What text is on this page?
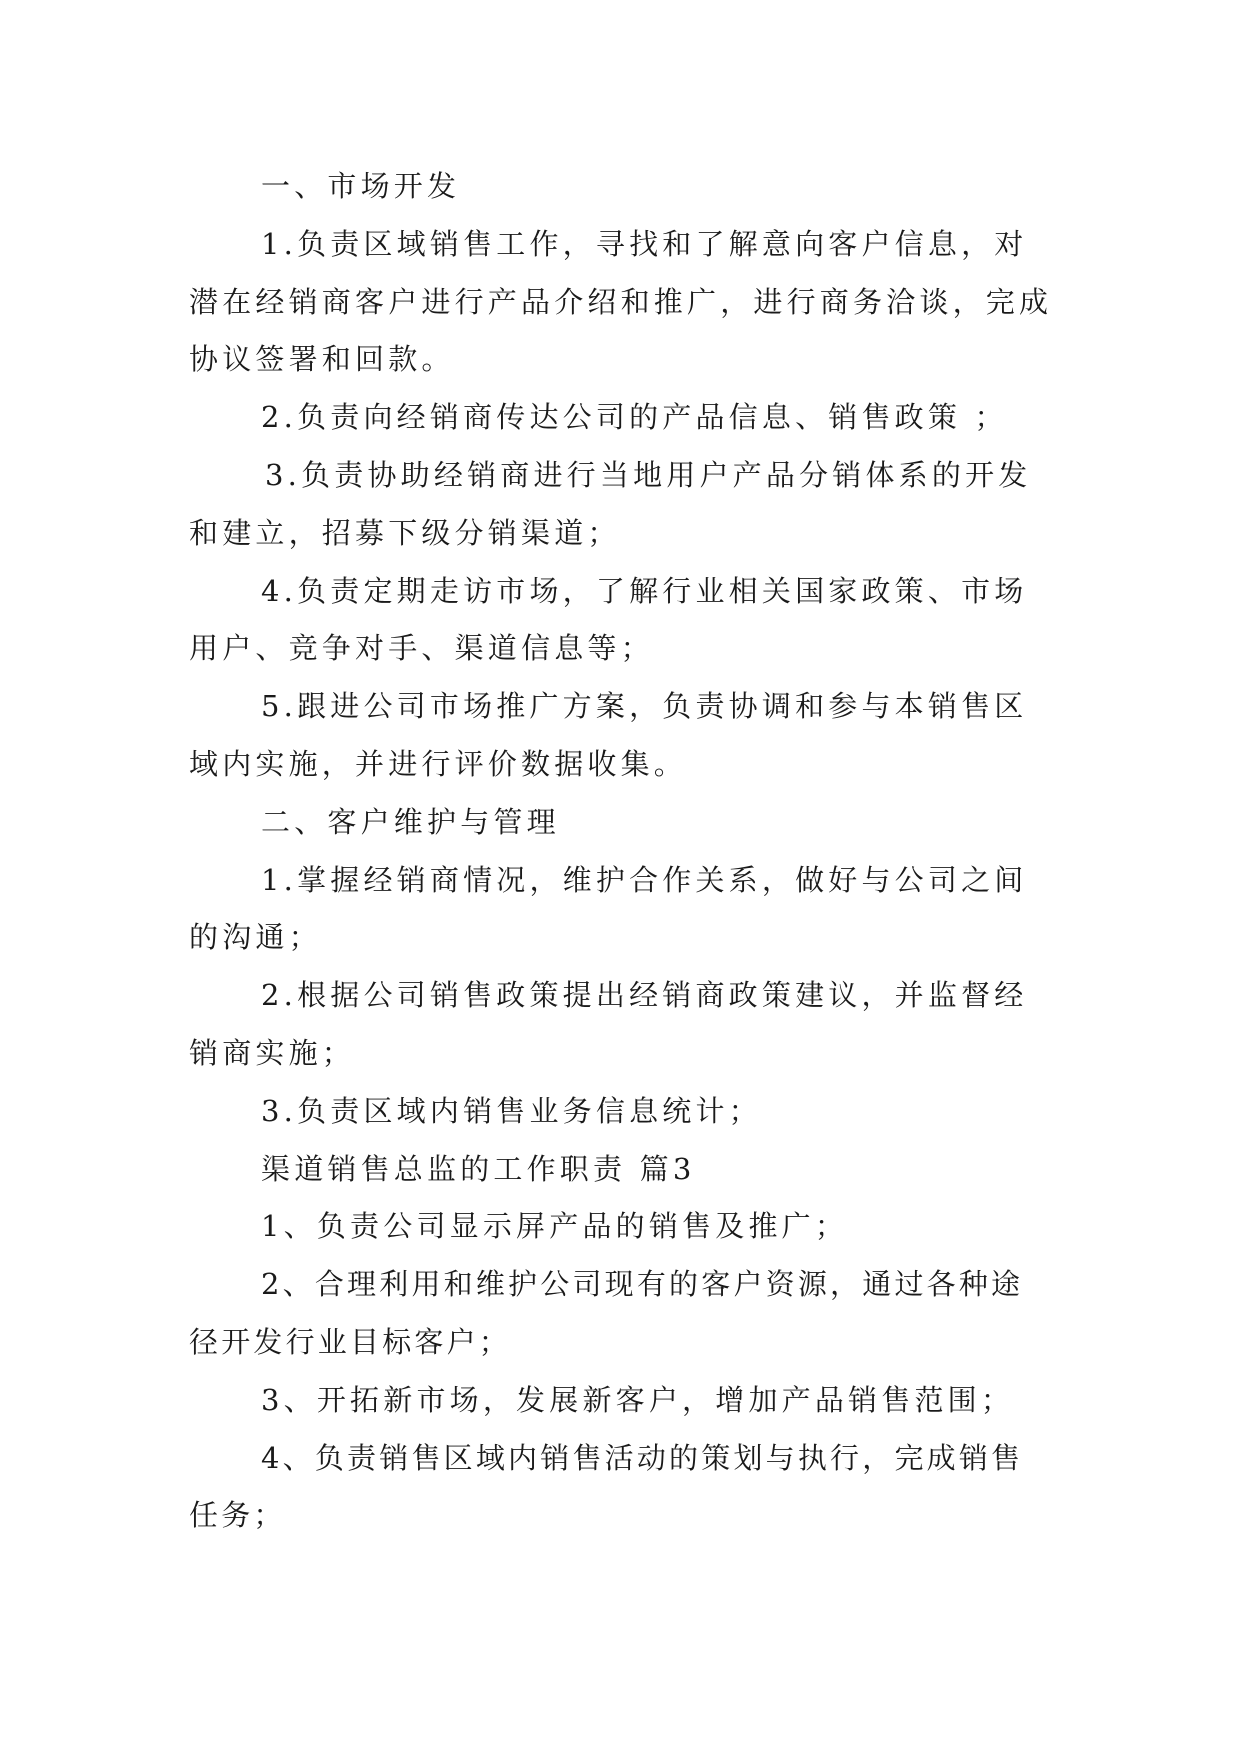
一、市场开发

1.负责区域销售工作，寻找和了解意向客户信息，对潜在经销商客户进行产品介绍和推广，进行商务洽谈，完成协议签署和回款。

2.负责向经销商传达公司的产品信息、销售政策 ；

3.负责协助经销商进行当地用户产品分销体系的开发和建立，招募下级分销渠道；

4.负责定期走访市场，了解行业相关国家政策、市场用户、竞争对手、渠道信息等；

5.跟进公司市场推广方案，负责协调和参与本销售区域内实施，并进行评价数据收集。

二、客户维护与管理

1.掌握经销商情况，维护合作关系，做好与公司之间的沟通；

2.根据公司销售政策提出经销商政策建议，并监督经销商实施；

3.负责区域内销售业务信息统计；

渠道销售总监的工作职责 篇3

1、负责公司显示屏产品的销售及推广；

2、合理利用和维护公司现有的客户资源，通过各种途径开发行业目标客户；

3、开拓新市场，发展新客户，增加产品销售范围；

4、负责销售区域内销售活动的策划与执行，完成销售任务；
